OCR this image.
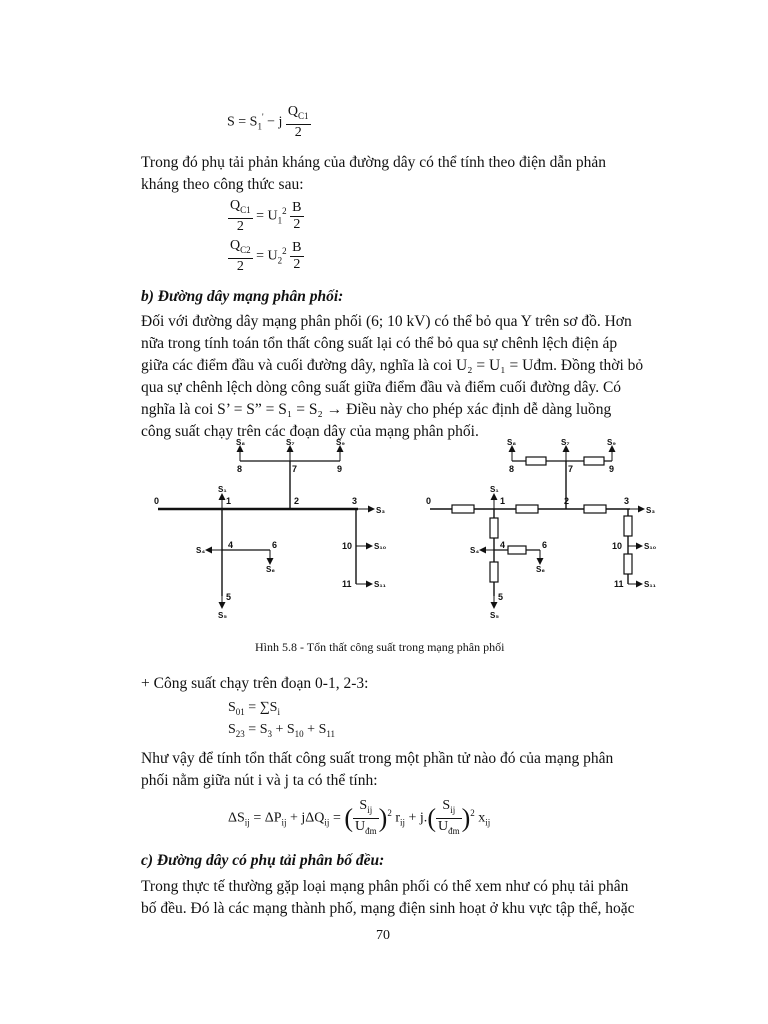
$S = S_1' - j \frac{Q_{C1}}{2}$
Trong đó phụ tải phản kháng của đường dây có thể tính theo điện dẫn phản
kháng theo công thức sau:
$\frac{Q_{C1}}{2} = U_1^2 \frac{B}{2}$
$\frac{Q_{C2}}{2} = U_2^2 \frac{B}{2}$
b) Đường dây mạng phân phối:
Đối với đường dây mạng phân phối (6; 10 kV) có thể bỏ qua Y trên sơ đồ. Hơn
nữa trong tính toán tổn thất công suất lại có thể bỏ qua sự chênh lệch điện áp
giữa các điểm đầu và cuối đường dây, nghĩa là coi U₂ = U₁ = Uđm. Đồng thời bỏ
qua sự chênh lệch dòng công suất giữa điểm đầu và điểm cuối đường dây. Có
nghĩa là coi S’ = S” = S₁ = S₂ → Điều này cho phép xác định dễ dàng luồng
công suất chạy trên các đoạn dây của mạng phân phối.
0	1	2	3
4
5
6
7
8	9
10
11
S₈	S₇	S₉
S₁
S₃
S₄
S₆
S₁₀
S₁₁
S₅
0	1	2	3
4
5
6
7
8	9
10
11
S₈	S₇	S₉
S₁
S₃
S₄
S₆
S₁₀
S₁₁
S₅
Hình 5.8 - Tổn thất công suất trong mạng phân phối
+ Công suất chạy trên đoạn 0-1, 2-3:
$S_{01} = \sum S_i$
$S_{23} = S_3 + S_{10} + S_{11}$
Như vậy để tính tổn thất công suất trong một phần tử nào đó của mạng phân
phối nằm giữa nút i và j ta có thể tính:
$\Delta S_{ij} = \Delta P_{ij} + j\Delta Q_{ij}$ = ( $\frac{S_{ij}}{U_{đm}} )^2$ $r_{ij} + j.( \frac{S_{ij}}{U_{đm}} )^2$ $x_{ij}$
c) Đường dây có phụ tải phân bố đều:
Trong thực tế thường gặp loại mạng phân phối có thể xem như có phụ tải phân
bố đều. Đó là các mạng thành phố, mạng điện sinh hoạt ở khu vực tập thể, hoặc
70
